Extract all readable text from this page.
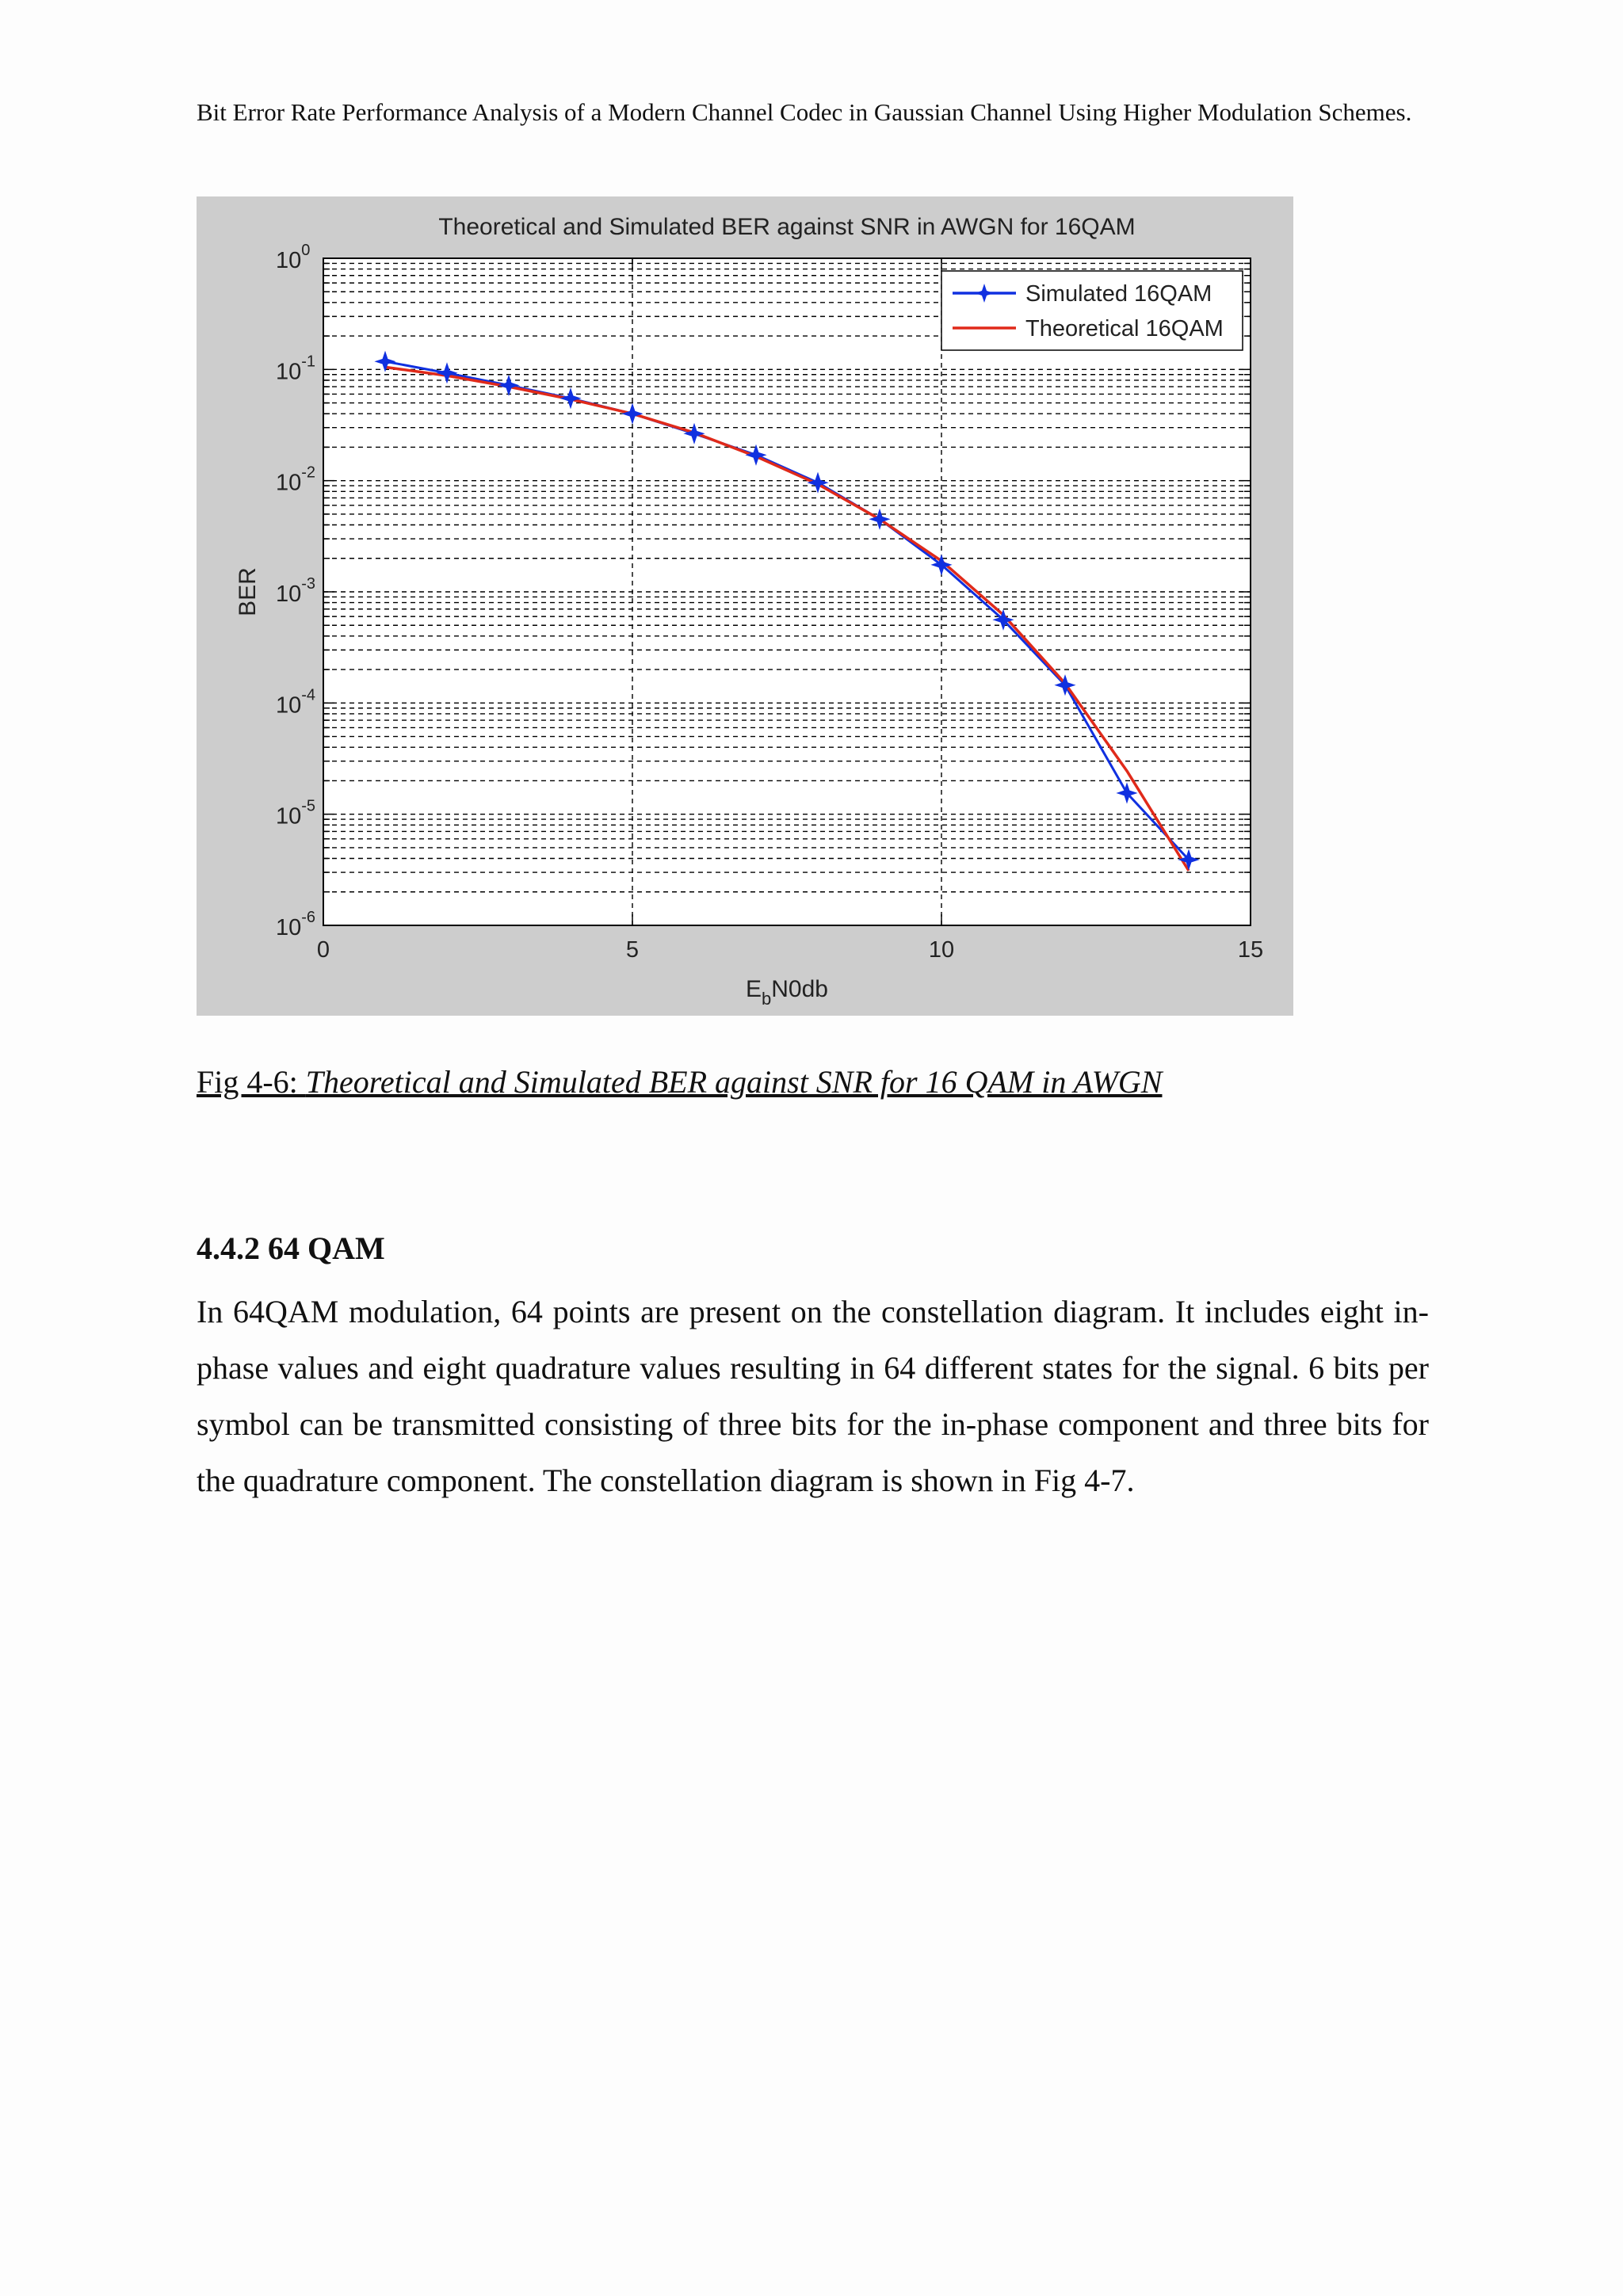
Bit Error Rate Performance Analysis of a Modern Channel Codec in Gaussian Channel Using Higher Modulation Schemes.
Theoretical and Simulated BER against SNR in AWGN for 16QAM
0	5	10	15
$10^0$
$10^{-1}$
$10^{-2}$
$10^{-3}$
$10^{-4}$
$10^{-5}$
$10^{-6}$
BER
$E_bN0db$
Simulated 16QAM
Theoretical 16QAM
Fig 4-6: Theoretical and Simulated BER against SNR for 16 QAM in AWGN
4.4.2 64 QAM

In 64QAM modulation, 64 points are present on the constellation diagram. It includes eight in-phase values and eight quadrature values resulting in 64 different states for the signal. 6 bits per symbol can be transmitted consisting of three bits for the in-phase component and three bits for the quadrature component. The constellation diagram is shown in Fig 4-7.
